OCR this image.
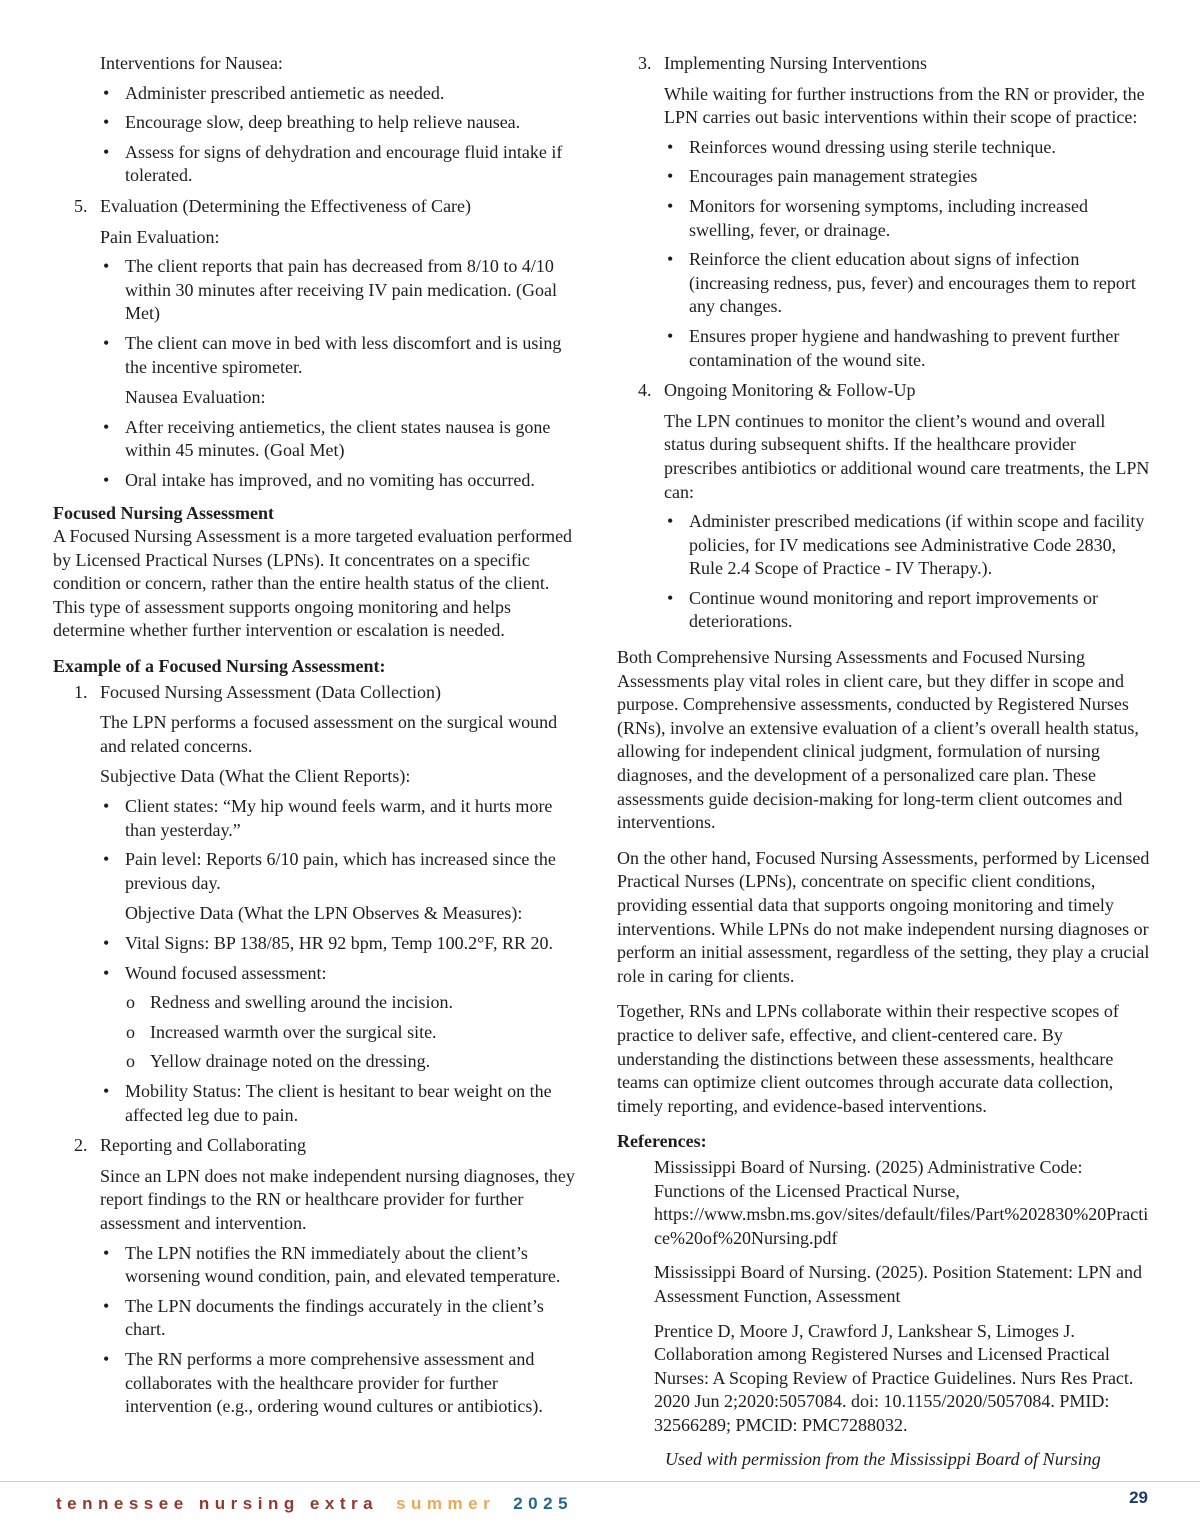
Interventions for Nausea:

• Administer prescribed antiemetic as needed.

• Encourage slow, deep breathing to help relieve nausea.

• Assess for signs of dehydration and encourage fluid intake if tolerated.

5. Evaluation (Determining the Effectiveness of Care)

Pain Evaluation:

• The client reports that pain has decreased from 8/10 to 4/10 within 30 minutes after receiving IV pain medication. (Goal Met)

• The client can move in bed with less discomfort and is using the incentive spirometer.

Nausea Evaluation:

• After receiving antiemetics, the client states nausea is gone within 45 minutes. (Goal Met)

• Oral intake has improved, and no vomiting has occurred.

Focused Nursing Assessment

A Focused Nursing Assessment is a more targeted evaluation performed by Licensed Practical Nurses (LPNs). It concentrates on a specific condition or concern, rather than the entire health status of the client. This type of assessment supports ongoing monitoring and helps determine whether further intervention or escalation is needed.

Example of a Focused Nursing Assessment:

1. Focused Nursing Assessment (Data Collection)

The LPN performs a focused assessment on the surgical wound and related concerns.

Subjective Data (What the Client Reports):

• Client states: “My hip wound feels warm, and it hurts more than yesterday.”

• Pain level: Reports 6/10 pain, which has increased since the previous day.

Objective Data (What the LPN Observes & Measures):

• Vital Signs: BP 138/85, HR 92 bpm, Temp 100.2°F, RR 20.

• Wound focused assessment:

o Redness and swelling around the incision.

o Increased warmth over the surgical site.

o Yellow drainage noted on the dressing.

• Mobility Status: The client is hesitant to bear weight on the affected leg due to pain.

2. Reporting and Collaborating

Since an LPN does not make independent nursing diagnoses, they report findings to the RN or healthcare provider for further assessment and intervention.

• The LPN notifies the RN immediately about the client’s worsening wound condition, pain, and elevated temperature.

• The LPN documents the findings accurately in the client’s chart.

• The RN performs a more comprehensive assessment and collaborates with the healthcare provider for further intervention (e.g., ordering wound cultures or antibiotics).

3. Implementing Nursing Interventions

While waiting for further instructions from the RN or provider, the LPN carries out basic interventions within their scope of practice:

• Reinforces wound dressing using sterile technique.

• Encourages pain management strategies

• Monitors for worsening symptoms, including increased swelling, fever, or drainage.

• Reinforce the client education about signs of infection (increasing redness, pus, fever) and encourages them to report any changes.

• Ensures proper hygiene and handwashing to prevent further contamination of the wound site.

4. Ongoing Monitoring & Follow-Up

The LPN continues to monitor the client’s wound and overall status during subsequent shifts. If the healthcare provider prescribes antibiotics or additional wound care treatments, the LPN can:

• Administer prescribed medications (if within scope and facility policies, for IV medications see Administrative Code 2830, Rule 2.4 Scope of Practice - IV Therapy.).

• Continue wound monitoring and report improvements or deteriorations.

Both Comprehensive Nursing Assessments and Focused Nursing Assessments play vital roles in client care, but they differ in scope and purpose. Comprehensive assessments, conducted by Registered Nurses (RNs), involve an extensive evaluation of a client’s overall health status, allowing for independent clinical judgment, formulation of nursing diagnoses, and the development of a personalized care plan. These assessments guide decision-making for long-term client outcomes and interventions.

On the other hand, Focused Nursing Assessments, performed by Licensed Practical Nurses (LPNs), concentrate on specific client conditions, providing essential data that supports ongoing monitoring and timely interventions. While LPNs do not make independent nursing diagnoses or perform an initial assessment, regardless of the setting, they play a crucial role in caring for clients.

Together, RNs and LPNs collaborate within their respective scopes of practice to deliver safe, effective, and client-centered care. By understanding the distinctions between these assessments, healthcare teams can optimize client outcomes through accurate data collection, timely reporting, and evidence-based interventions.

References:

Mississippi Board of Nursing. (2025) Administrative Code: Functions of the Licensed Practical Nurse, https://www.msbn.ms.gov/sites/default/files/Part%202830%20Practice%20of%20Nursing.pdf

Mississippi Board of Nursing. (2025). Position Statement: LPN and Assessment Function, Assessment

Prentice D, Moore J, Crawford J, Lankshear S, Limoges J. Collaboration among Registered Nurses and Licensed Practical Nurses: A Scoping Review of Practice Guidelines. Nurs Res Pract. 2020 Jun 2;2020:5057084. doi: 10.1155/2020/5057084. PMID: 32566289; PMCID: PMC7288032.

Used with permission from the Mississippi Board of Nursing

tennessee nursing extra summer 2025	29
